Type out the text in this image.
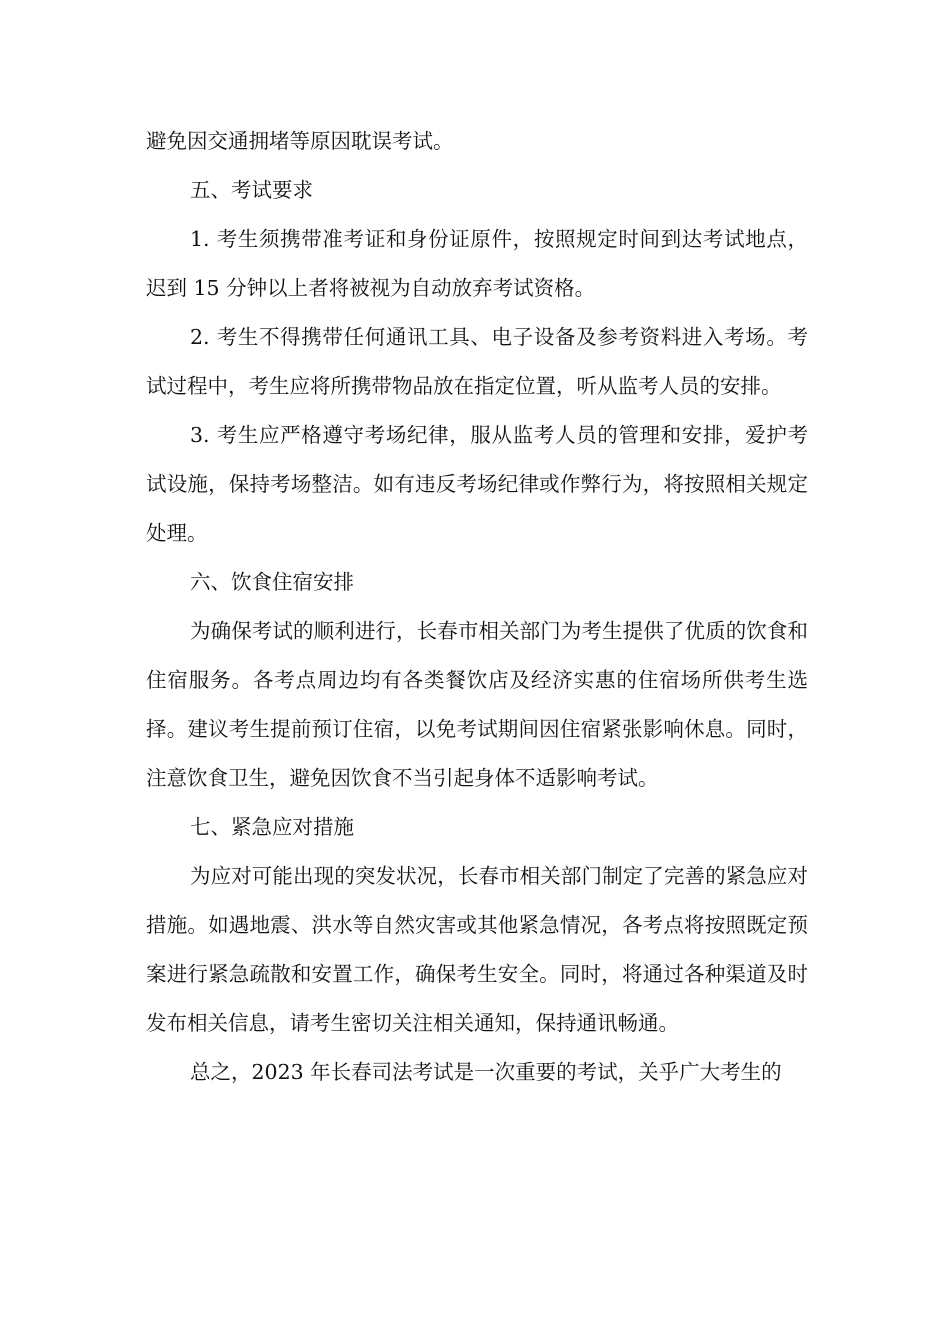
避免因交通拥堵等原因耽误考试。

五、考试要求

1. 考生须携带准考证和身份证原件，按照规定时间到达考试地点，迟到 15 分钟以上者将被视为自动放弃考试资格。

2. 考生不得携带任何通讯工具、电子设备及参考资料进入考场。考试过程中，考生应将所携带物品放在指定位置，听从监考人员的安排。

3. 考生应严格遵守考场纪律，服从监考人员的管理和安排，爱护考试设施，保持考场整洁。如有违反考场纪律或作弊行为，将按照相关规定处理。

六、饮食住宿安排

为确保考试的顺利进行，长春市相关部门为考生提供了优质的饮食和住宿服务。各考点周边均有各类餐饮店及经济实惠的住宿场所供考生选择。建议考生提前预订住宿，以免考试期间因住宿紧张影响休息。同时，注意饮食卫生，避免因饮食不当引起身体不适影响考试。

七、紧急应对措施

为应对可能出现的突发状况，长春市相关部门制定了完善的紧急应对措施。如遇地震、洪水等自然灾害或其他紧急情况，各考点将按照既定预案进行紧急疏散和安置工作，确保考生安全。同时，将通过各种渠道及时发布相关信息，请考生密切关注相关通知，保持通讯畅通。

总之，2023 年长春司法考试是一次重要的考试，关乎广大考生的
